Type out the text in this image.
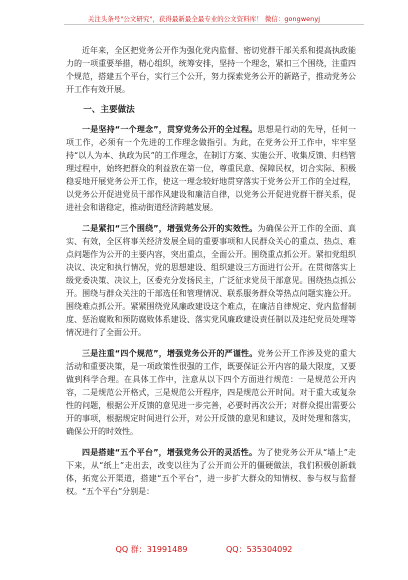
关注头条号"公文研究"，获得最新最全最专业的公文资料库！ 微信：gongwenyj

近年来，全区把党务公开作为强化党内监督、密切党群干部关系和提高执政能力的一项重要举措，精心组织，统筹安排，坚持一个理念，紧扣三个围绕，注重四个规范，搭建五个平台，实行三个公开，努力探索党务公开的新路子，推动党务公开工作有效开展。

一、主要做法

一是坚持“一个理念”，贯穿党务公开的全过程。思想是行动的先导，任何一项工作，必须有一个先进的工作理念做指引。为此，在党务公开工作中，牢牢坚持“以人为本、执政为民”的工作理念，在制订方案、实施公开、收集反馈、归档管理过程中，始终把群众的利益放在第一位，尊重民意、保障民权，切合实际、积极稳妥地开展党务公开工作，使这一理念较好地贯穿落实于党务公开工作的全过程，以党务公开促进党员干部作风建设和廉洁自律，以党务公开促进党群干群关系，促进社会和谐稳定，推动街道经济跨越发展。

二是紧扣“三个围绕”，增强党务公开的实效性。为确保公开工作的全面、真实、有效，全区将事关经济发展全局的重要事项和人民群众关心的重点、热点、难点问题作为公开的主要内容，突出重点，全面公开。围绕重点抓公开。紧扣党组织决议、决定和执行情况，党的思想建设、组织建设三方面进行公开。在贯彻落实上级党委决策、决议上，区委充分发扬民主，广泛征求党员干部意见。围绕热点抓公开。围绕与群众关注的干部选任和管理情况、联系服务群众等热点问题实施公开。围绕难点抓公开。紧紧围绕党风廉政建设这个难点，在廉洁自律规定、党内监督制度、惩治腐败和预防腐败体系建设、落实党风廉政建设责任制以及违纪党员处理等情况进行了全面公开。

三是注重“四个规范”，增强党务公开的严谨性。党务公开工作涉及党的重大活动和重要决策，是一项政策性很强的工作，既要保证公开内容的最大限度，又要做到科学合理。在具体工作中，注意从以下四个方面进行规范：一是规范公开内容，二是规范公开格式，三是规范公开程序，四是规范公开时间。对于重大或复杂性的问题，根据公开反馈的意见进一步完善，必要时再次公开；对群众提出需要公开的事项，根据规定时间进行公开，对公开反馈的意见和建议，及时处理和落实，确保公开的时效性。

四是搭建“五个平台”，增强党务公开的灵活性。为了使党务公开从“墙上”走下来，从“纸上”走出去，改变以往为了公开而公开的僵硬做法，我们积极创新载体，拓宽公开渠道，搭建“五个平台”，进一步扩大群众的知情权、参与权与监督权。“五个平台”分别是：

QQ 群：31991489	QQ：535304092
